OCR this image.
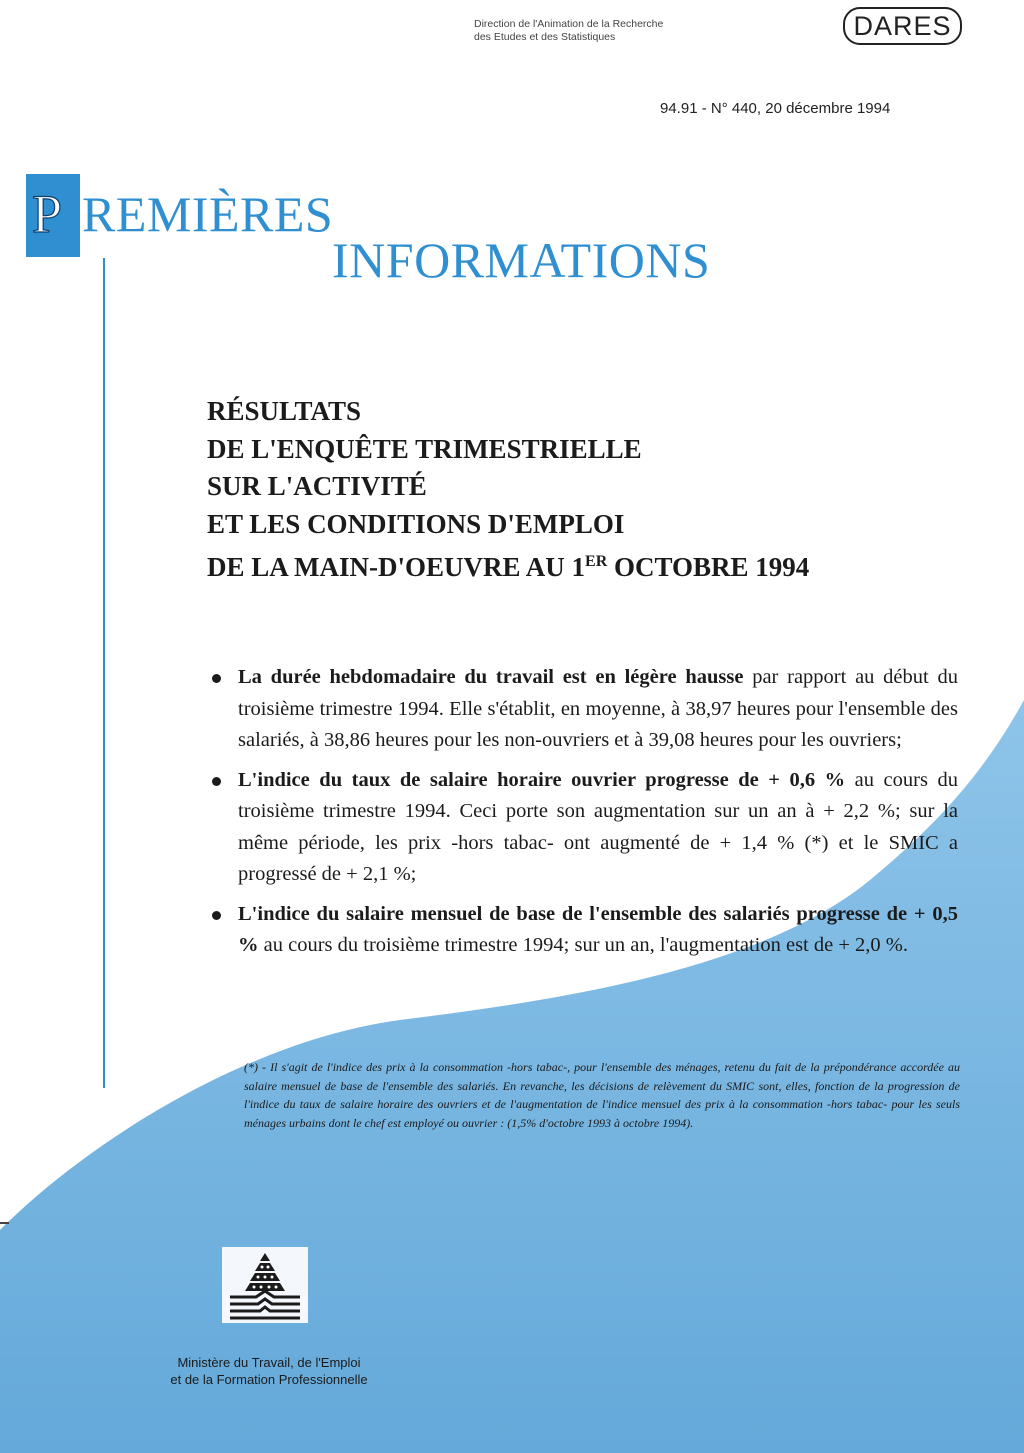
Direction de l'Animation de la Recherche
des Etudes et des Statistiques	DARES
94.91 - N° 440, 20 décembre 1994
P REMIÈRES
INFORMATIONS
RÉSULTATS
DE L'ENQUÊTE TRIMESTRIELLE
SUR L'ACTIVITÉ
ET LES CONDITIONS D'EMPLOI
DE LA MAIN-D'OEUVRE AU 1ER OCTOBRE 1994
La durée hebdomadaire du travail est en légère hausse par rapport au début du troisième trimestre 1994. Elle s'établit, en moyenne, à 38,97 heures pour l'ensemble des salariés, à 38,86 heures pour les non-ouvriers et à 39,08 heures pour les ouvriers;
L'indice du taux de salaire horaire ouvrier progresse de + 0,6 % au cours du troisième trimestre 1994. Ceci porte son augmentation sur un an à + 2,2 %; sur la même période, les prix -hors tabac- ont augmenté de + 1,4 % (*) et le SMIC a progressé de + 2,1 %;
L'indice du salaire mensuel de base de l'ensemble des salariés progresse de + 0,5 % au cours du troisième trimestre 1994; sur un an, l'augmentation est de + 2,0 %.
(*) - Il s'agit de l'indice des prix à la consommation -hors tabac-, pour l'ensemble des ménages, retenu du fait de la prépondérance accordée au salaire mensuel de base de l'ensemble des salariés. En revanche, les décisions de relèvement du SMIC sont, elles, fonction de la progression de l'indice du taux de salaire horaire des ouvriers et de l'augmentation de l'indice mensuel des prix à la consommation -hors tabac- pour les seuls ménages urbains dont le chef est employé ou ouvrier : (1,5% d'octobre 1993 à octobre 1994).
Ministère du Travail, de l'Emploi
et de la Formation Professionnelle
